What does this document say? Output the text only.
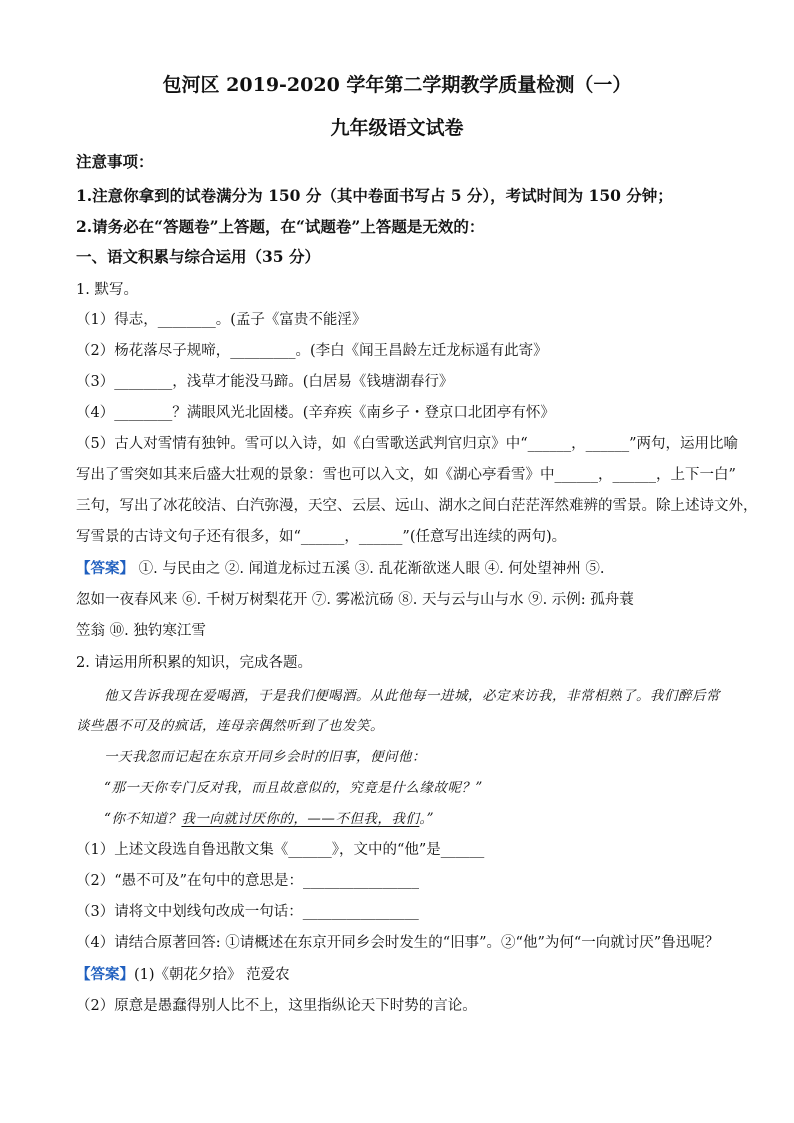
包河区 2019-2020 学年第二学期教学质量检测（一）
九年级语文试卷
注意事项：
1.注意你拿到的试卷满分为 150 分（其中卷面书写占 5 分），考试时间为 150 分钟；
2.请务必在“答题卷”上答题，在“试题卷”上答题是无效的：
一、语文积累与综合运用（35 分）
1. 默写。
（1）得志，________。(孟子《富贵不能淫》
（2）杨花落尽子规啼，_________。(李白《闻王昌龄左迁龙标遥有此寄》
（3）________，浅草才能没马蹄。(白居易《钱塘湖春行》
（4）________？满眼风光北固楼。(辛弃疾《南乡子・登京口北团亭有怀》
（5）古人对雪情有独钟。雪可以入诗，如《白雪歌送武判官归京》中“______，______”两句，运用比喻
写出了雪突如其来后盛大壮观的景象：雪也可以入文，如《湖心亭看雪》中______，______，上下一白”
三句，写出了冰花皎洁、白汽弥漫，天空、云层、远山、湖水之间白茫茫浑然难辨的雪景。除上述诗文外，
写雪景的古诗文句子还有很多，如“______，______”(任意写出连续的两句)。
【答案】 ①. 与民由之 ②. 闻道龙标过五溪 ③. 乱花渐欲迷人眼 ④. 何处望神州 ⑤.
忽如一夜春风来 ⑥. 千树万树梨花开 ⑦. 雾凇沆砀 ⑧. 天与云与山与水 ⑨. 示例: 孤舟蓑
笠翁 ⑩. 独钓寒江雪
2. 请运用所积累的知识，完成各题。
他又告诉我现在爱喝酒，于是我们便喝酒。从此他每一进城，必定来访我，非常相熟了。我们醉后常
谈些愚不可及的疯话，连母亲偶然听到了也发笑。
一天我忽而记起在东京开同乡会时的旧事，便问他：
“那一天你专门反对我，而且故意似的，究竟是什么缘故呢？”
“你不知道？我一向就讨厌你的，——不但我，我们。”
（1）上述文段选自鲁迅散文集《______》，文中的“他”是______
（2）“愚不可及”在句中的意思是：________________
（3）请将文中划线句改成一句话：________________
（4）请结合原著回答: ①请概述在东京开同乡会时发生的“旧事”。②“他”为何“一向就讨厌”鲁迅呢？
【答案】(1)《朝花夕拾》 范爱农
（2）原意是愚蠢得别人比不上，这里指纵论天下时势的言论。
